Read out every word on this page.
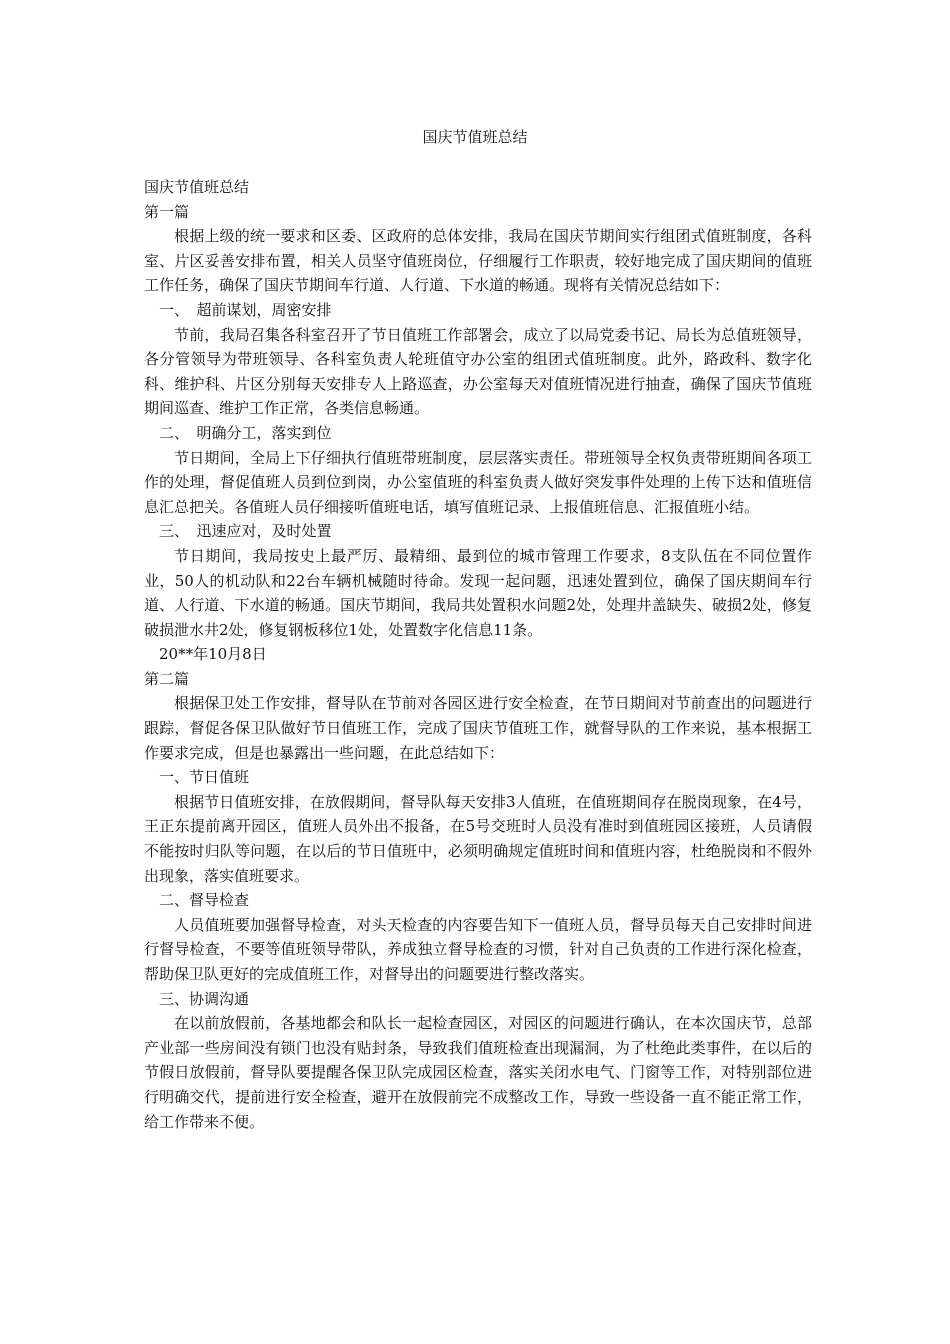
国庆节值班总结

国庆节值班总结

第一篇

根据上级的统一要求和区委、区政府的总体安排，我局在国庆节期间实行组团式值班制度，各科室、片区妥善安排布置，相关人员坚守值班岗位，仔细履行工作职责，较好地完成了国庆期间的值班工作任务，确保了国庆节期间车行道、人行道、下水道的畅通。现将有关情况总结如下：

一、　超前谋划，周密安排

节前，我局召集各科室召开了节日值班工作部署会，成立了以局党委书记、局长为总值班领导，各分管领导为带班领导、各科室负责人轮班值守办公室的组团式值班制度。此外，路政科、数字化科、维护科、片区分别每天安排专人上路巡查，办公室每天对值班情况进行抽查，确保了国庆节值班期间巡查、维护工作正常，各类信息畅通。

二、　明确分工，落实到位

节日期间，全局上下仔细执行值班带班制度，层层落实责任。带班领导全权负责带班期间各项工作的处理，督促值班人员到位到岗，办公室值班的科室负责人做好突发事件处理的上传下达和值班信息汇总把关。各值班人员仔细接听值班电话，填写值班记录、上报值班信息、汇报值班小结。

三、　迅速应对，及时处置

节日期间，我局按史上最严厉、最精细、最到位的城市管理工作要求，8支队伍在不同位置作业，50人的机动队和22台车辆机械随时待命。发现一起问题，迅速处置到位，确保了国庆期间车行道、人行道、下水道的畅通。国庆节期间，我局共处置积水问题2处，处理井盖缺失、破损2处，修复破损泄水井2处，修复钢板移位1处，处置数字化信息11条。

20**年10月8日

第二篇

根据保卫处工作安排，督导队在节前对各园区进行安全检查，在节日期间对节前查出的问题进行跟踪，督促各保卫队做好节日值班工作，完成了国庆节值班工作，就督导队的工作来说，基本根据工作要求完成，但是也暴露出一些问题，在此总结如下：

一、节日值班

根据节日值班安排，在放假期间，督导队每天安排3人值班，在值班期间存在脱岗现象，在4号，王正东提前离开园区，值班人员外出不报备，在5号交班时人员没有准时到值班园区接班，人员请假不能按时归队等问题，在以后的节日值班中，必须明确规定值班时间和值班内容，杜绝脱岗和不假外出现象，落实值班要求。

二、督导检查

人员值班要加强督导检查，对头天检查的内容要告知下一值班人员，督导员每天自己安排时间进行督导检查，不要等值班领导带队，养成独立督导检查的习惯，针对自己负责的工作进行深化检查，帮助保卫队更好的完成值班工作，对督导出的问题要进行整改落实。

三、协调沟通

在以前放假前，各基地都会和队长一起检查园区，对园区的问题进行确认，在本次国庆节，总部产业部一些房间没有锁门也没有贴封条，导致我们值班检查出现漏洞，为了杜绝此类事件，在以后的节假日放假前，督导队要提醒各保卫队完成园区检查，落实关闭水电气、门窗等工作，对特别部位进行明确交代，提前进行安全检查，避开在放假前完不成整改工作，导致一些设备一直不能正常工作，给工作带来不便。
